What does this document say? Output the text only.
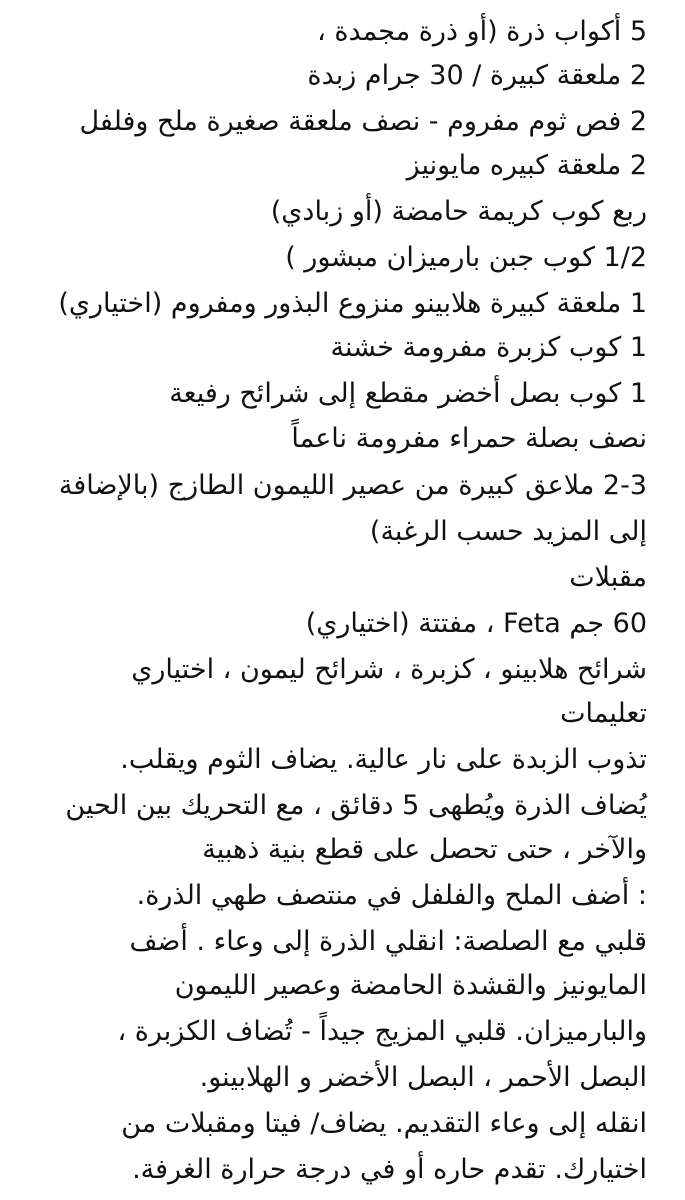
5 أكواب ذرة (أو ذرة مجمدة ،
2 ملعقة كبيرة / 30 جرام زبدة
2 فص ثوم مفروم - نصف ملعقة صغيرة ملح وفلفل
2 ملعقة كبيره مايونيز
ربع كوب كريمة حامضة (أو زبادي)
1/2 كوب جبن بارميزان مبشور )
1 ملعقة كبيرة هلابينو منزوع البذور ومفروم (اختياري)
1 كوب كزبرة مفرومة خشنة
1 كوب بصل أخضر مقطع إلى شرائح رفيعة
نصف بصلة حمراء مفرومة ناعماً
2-3 ملاعق كبيرة من عصير الليمون الطازج (بالإضافة
إلى المزيد حسب الرغبة)
مقبلات
60 جم Feta ، مفتتة (اختياري)
شرائح هلابينو ، كزبرة ، شرائح ليمون ، اختياري
تعليمات
تذوب الزبدة على نار عالية. يضاف الثوم ويقلب.
يُضاف الذرة ويُطهى 5 دقائق ، مع التحريك بين الحين
والآخر ، حتى تحصل على قطع بنية ذهبية
: أضف الملح والفلفل في منتصف طهي الذرة.
قلبي مع الصلصة: انقلي الذرة إلى وعاء . أضف
المايونيز والقشدة الحامضة وعصير الليمون
والبارميزان. قلبي المزيج جيداً - تُضاف الكزبرة ،
البصل الأحمر ، البصل الأخضر و الهلابينو.
انقله إلى وعاء التقديم. يضاف/ فيتا ومقبلات من
اختيارك. تقدم حاره أو في درجة حرارة الغرفة.
